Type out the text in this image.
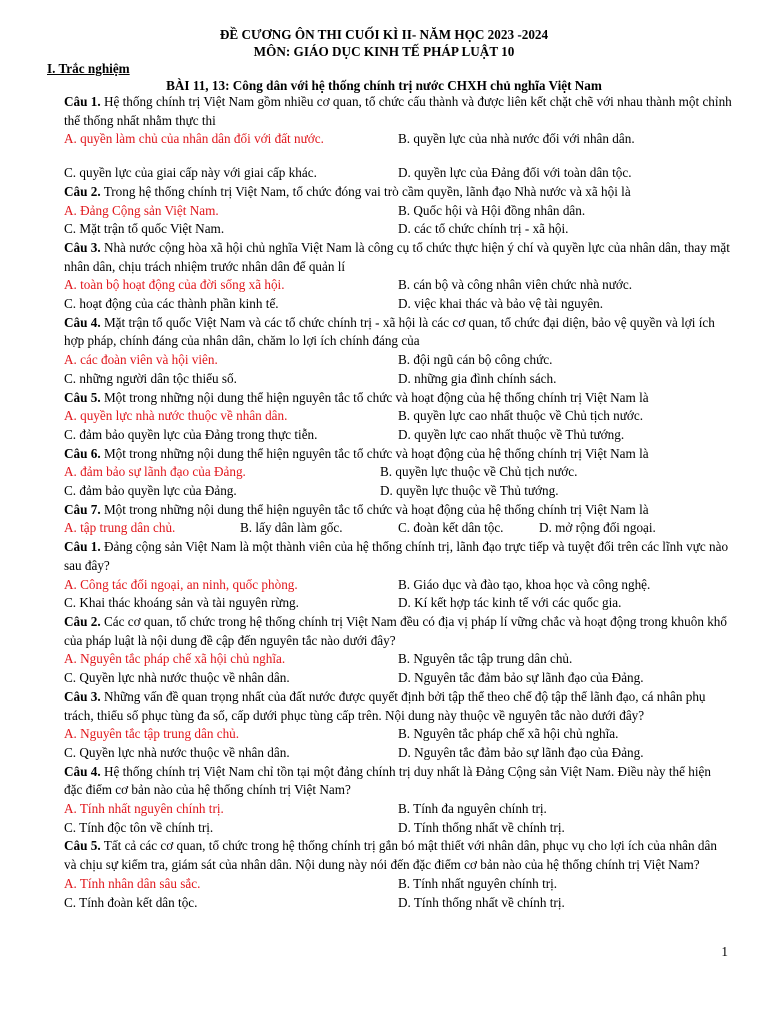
ĐỀ CƯƠNG ÔN THI CUỐI KÌ II- NĂM HỌC 2023 -2024
MÔN: GIÁO DỤC KINH TẾ PHÁP LUẬT 10
I. Trắc nghiệm
BÀI 11, 13: Công dân với hệ thống chính trị nước CHXH chủ nghĩa Việt Nam

Câu 1. Hệ thống chính trị Việt Nam gồm nhiều cơ quan, tổ chức cấu thành và được liên kết chặt chẽ với nhau thành một chỉnh thể thống nhất nhằm thực thi

A. quyền làm chủ của nhân dân đối với đất nước.	B. quyền lực của nhà nước đối với nhân dân.
C. quyền lực của giai cấp này với giai cấp khác.	D. quyền lực của Đảng đối với toàn dân tộc.

Câu 2. Trong hệ thống chính trị Việt Nam, tổ chức đóng vai trò cầm quyền, lãnh đạo Nhà nước và xã hội là

A. Đảng Cộng sản Việt Nam.	B. Quốc hội và Hội đồng nhân dân.
C. Mặt trận tổ quốc Việt Nam.	D. các tổ chức chính trị - xã hội.

Câu 3. Nhà nước cộng hòa xã hội chủ nghĩa Việt Nam là công cụ tổ chức thực hiện ý chí và quyền lực của nhân dân, thay mặt nhân dân, chịu trách nhiệm trước nhân dân để quản lí

A. toàn bộ hoạt động của đời sống xã hội.	B. cán bộ và công nhân viên chức nhà nước.
C. hoạt động của các thành phần kinh tế.	D. việc khai thác và bảo vệ tài nguyên.

Câu 4. Mặt trận tổ quốc Việt Nam và các tổ chức chính trị - xã hội là các cơ quan, tổ chức đại diện, bảo vệ quyền và lợi ích hợp pháp, chính đáng của nhân dân, chăm lo lợi ích chính đáng của

A. các đoàn viên và hội viên.	B. đội ngũ cán bộ công chức.
C. những người dân tộc thiểu số.	D. những gia đình chính sách.

Câu 5. Một trong những nội dung thể hiện nguyên tắc tổ chức và hoạt động của hệ thống chính trị Việt Nam là

A. quyền lực nhà nước thuộc về nhân dân.	B. quyền lực cao nhất thuộc về Chủ tịch nước.
C. đảm bảo quyền lực của Đảng trong thực tiễn.	D. quyền lực cao nhất thuộc về Thủ tướng.

Câu 6. Một trong những nội dung thể hiện nguyên tắc tổ chức và hoạt động của hệ thống chính trị Việt Nam là

A. đảm bảo sự lãnh đạo của Đảng.	B. quyền lực thuộc về Chủ tịch nước.
C. đảm bảo quyền lực của Đảng.	D. quyền lực thuộc về Thủ tướng.

Câu 7. Một trong những nội dung thể hiện nguyên tắc tổ chức và hoạt động của hệ thống chính trị Việt Nam là

A. tập trung dân chủ.	B. lấy dân làm gốc.	C. đoàn kết dân tộc.	D. mở rộng đối ngoại.

Câu 1. Đảng cộng sản Việt Nam là một thành viên của hệ thống chính trị, lãnh đạo trực tiếp và tuyệt đối trên các lĩnh vực nào sau đây?

A. Công tác đối ngoại, an ninh, quốc phòng.	B. Giáo dục và đào tạo, khoa học và công nghệ.
C. Khai thác khoáng sản và tài nguyên rừng.	D. Kí kết hợp tác kinh tế với các quốc gia.

Câu 2. Các cơ quan, tổ chức trong hệ thống chính trị Việt Nam đều có địa vị pháp lí vững chắc và hoạt động trong khuôn khổ của pháp luật là nội dung đề cập đến nguyên tắc nào dưới đây?

A. Nguyên tắc pháp chế xã hội chủ nghĩa.	B. Nguyên tắc tập trung dân chủ.
C. Quyền lực nhà nước thuộc về nhân dân.	D. Nguyên tắc đảm bảo sự lãnh đạo của Đảng.

Câu 3. Những vấn đề quan trọng nhất của đất nước được quyết định bởi tập thể theo chế độ tập thể lãnh đạo, cá nhân phụ trách, thiểu số phục tùng đa số, cấp dưới phục tùng cấp trên. Nội dung này thuộc về nguyên tắc nào dưới đây?

A. Nguyên tắc tập trung dân chủ.	B. Nguyên tắc pháp chế xã hội chủ nghĩa.
C. Quyền lực nhà nước thuộc về nhân dân.	D. Nguyên tắc đảm bảo sự lãnh đạo của Đảng.

Câu 4. Hệ thống chính trị Việt Nam chỉ tồn tại một đảng chính trị duy nhất là Đảng Cộng sản Việt Nam. Điều này thể hiện đặc điểm cơ bản nào của hệ thống chính trị Việt Nam?

A. Tính nhất nguyên chính trị.	B. Tính đa nguyên chính trị.
C. Tính độc tôn về chính trị.	D. Tính thống nhất về chính trị.

Câu 5. Tất cả các cơ quan, tổ chức trong hệ thống chính trị gắn bó mật thiết với nhân dân, phục vụ cho lợi ích của nhân dân và chịu sự kiểm tra, giám sát của nhân dân. Nội dung này nói đến đặc điểm cơ bản nào của hệ thống chính trị Việt Nam?

A. Tính nhân dân sâu sắc.	B. Tính nhất nguyên chính trị.
C. Tính đoàn kết dân tộc.	D. Tính thống nhất về chính trị.
1
